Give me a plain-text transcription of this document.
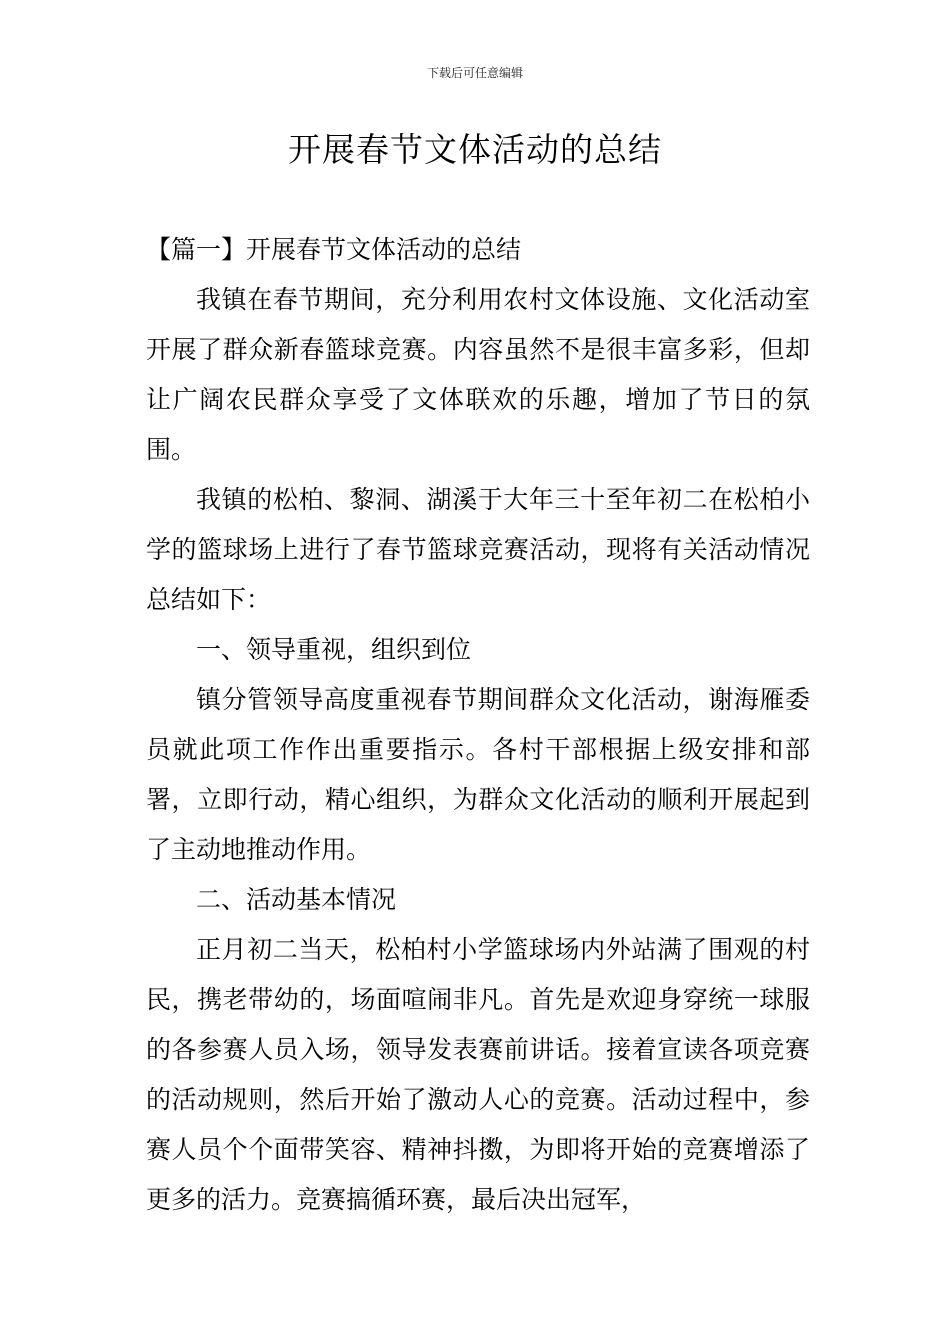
下载后可任意编辑
开展春节文体活动的总结

【篇一】开展春节文体活动的总结

我镇在春节期间，充分利用农村文体设施、文化活动室开展了群众新春篮球竞赛。内容虽然不是很丰富多彩，但却让广阔农民群众享受了文体联欢的乐趣，增加了节日的氛围。

我镇的松柏、黎洞、湖溪于大年三十至年初二在松柏小学的篮球场上进行了春节篮球竞赛活动，现将有关活动情况总结如下：

一、领导重视，组织到位

镇分管领导高度重视春节期间群众文化活动，谢海雁委员就此项工作作出重要指示。各村干部根据上级安排和部署，立即行动，精心组织，为群众文化活动的顺利开展起到了主动地推动作用。

二、活动基本情况

正月初二当天，松柏村小学篮球场内外站满了围观的村民，携老带幼的，场面喧闹非凡。首先是欢迎身穿统一球服的各参赛人员入场，领导发表赛前讲话。接着宣读各项竞赛的活动规则，然后开始了激动人心的竞赛。活动过程中，参赛人员个个面带笑容、精神抖擞，为即将开始的竞赛增添了更多的活力。竞赛搞循环赛，最后决出冠军，
